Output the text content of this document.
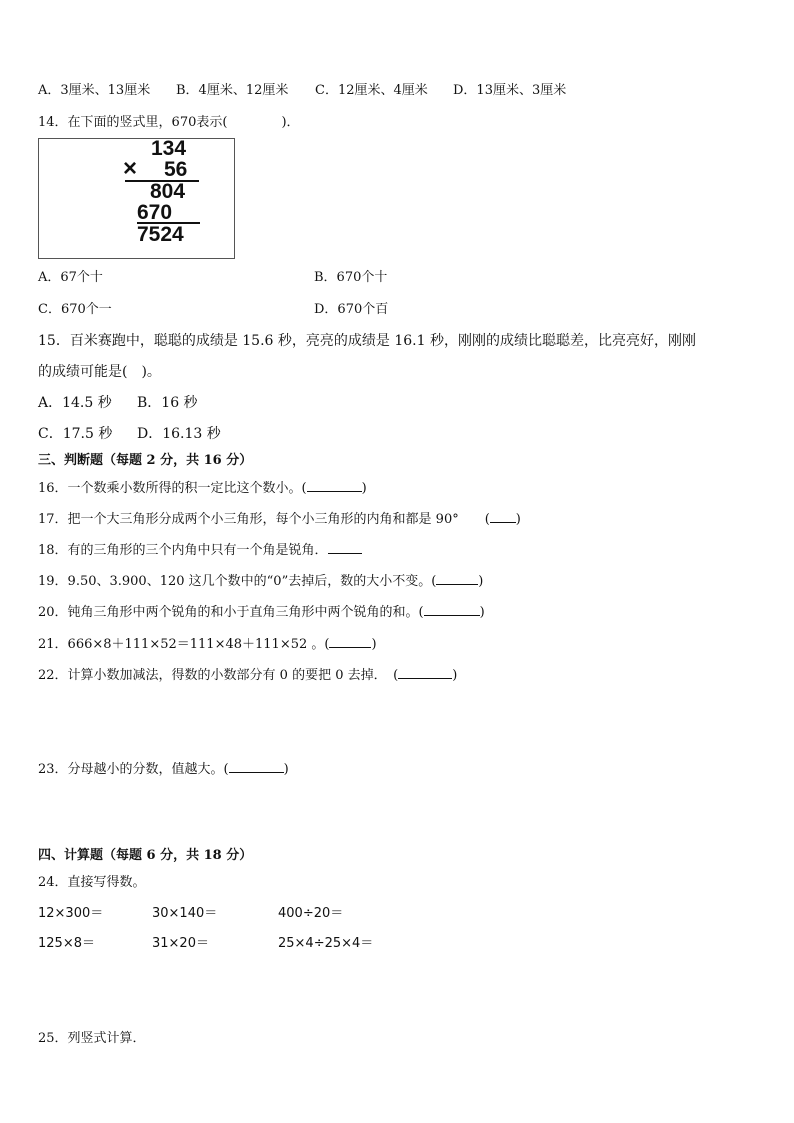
A．3厘米、13厘米 B．4厘米、12厘米 C．12厘米、4厘米 D．13厘米、3厘米
14．在下面的竖式里，670表示(	)．
134
× 56
804
670
7524
A．67个十	B．670个十
C．670个一	D．670个百
15．百米赛跑中，聪聪的成绩是 15.6 秒，亮亮的成绩是 16.1 秒，刚刚的成绩比聪聪差，比亮亮好，刚刚
的成绩可能是(　)。
A．14.5 秒 B．16 秒
C．17.5 秒 D．16.13 秒
三、判断题（每题 2 分，共 16 分）
16．一个数乘小数所得的积一定比这个数小。(	)
17．把一个大三角形分成两个小三角形，每个小三角形的内角和都是 90°　　( )
18．有的三角形的三个内角中只有一个角是锐角．
19．9.50、3.900、120 这几个数中的“0”去掉后，数的大小不变。(	)
20．钝角三角形中两个锐角的和小于直角三角形中两个锐角的和。(	)
21．666×8＋111×52＝111×48＋111×52 。(	)
22．计算小数加减法，得数的小数部分有 0 的要把 0 去掉．　(	)
23．分母越小的分数，值越大。(	)
四、计算题（每题 6 分，共 18 分）
24．直接写得数。
12×300＝	30×140＝	400÷20＝
125×8＝	31×20＝	25×4÷25×4＝
25．列竖式计算．
